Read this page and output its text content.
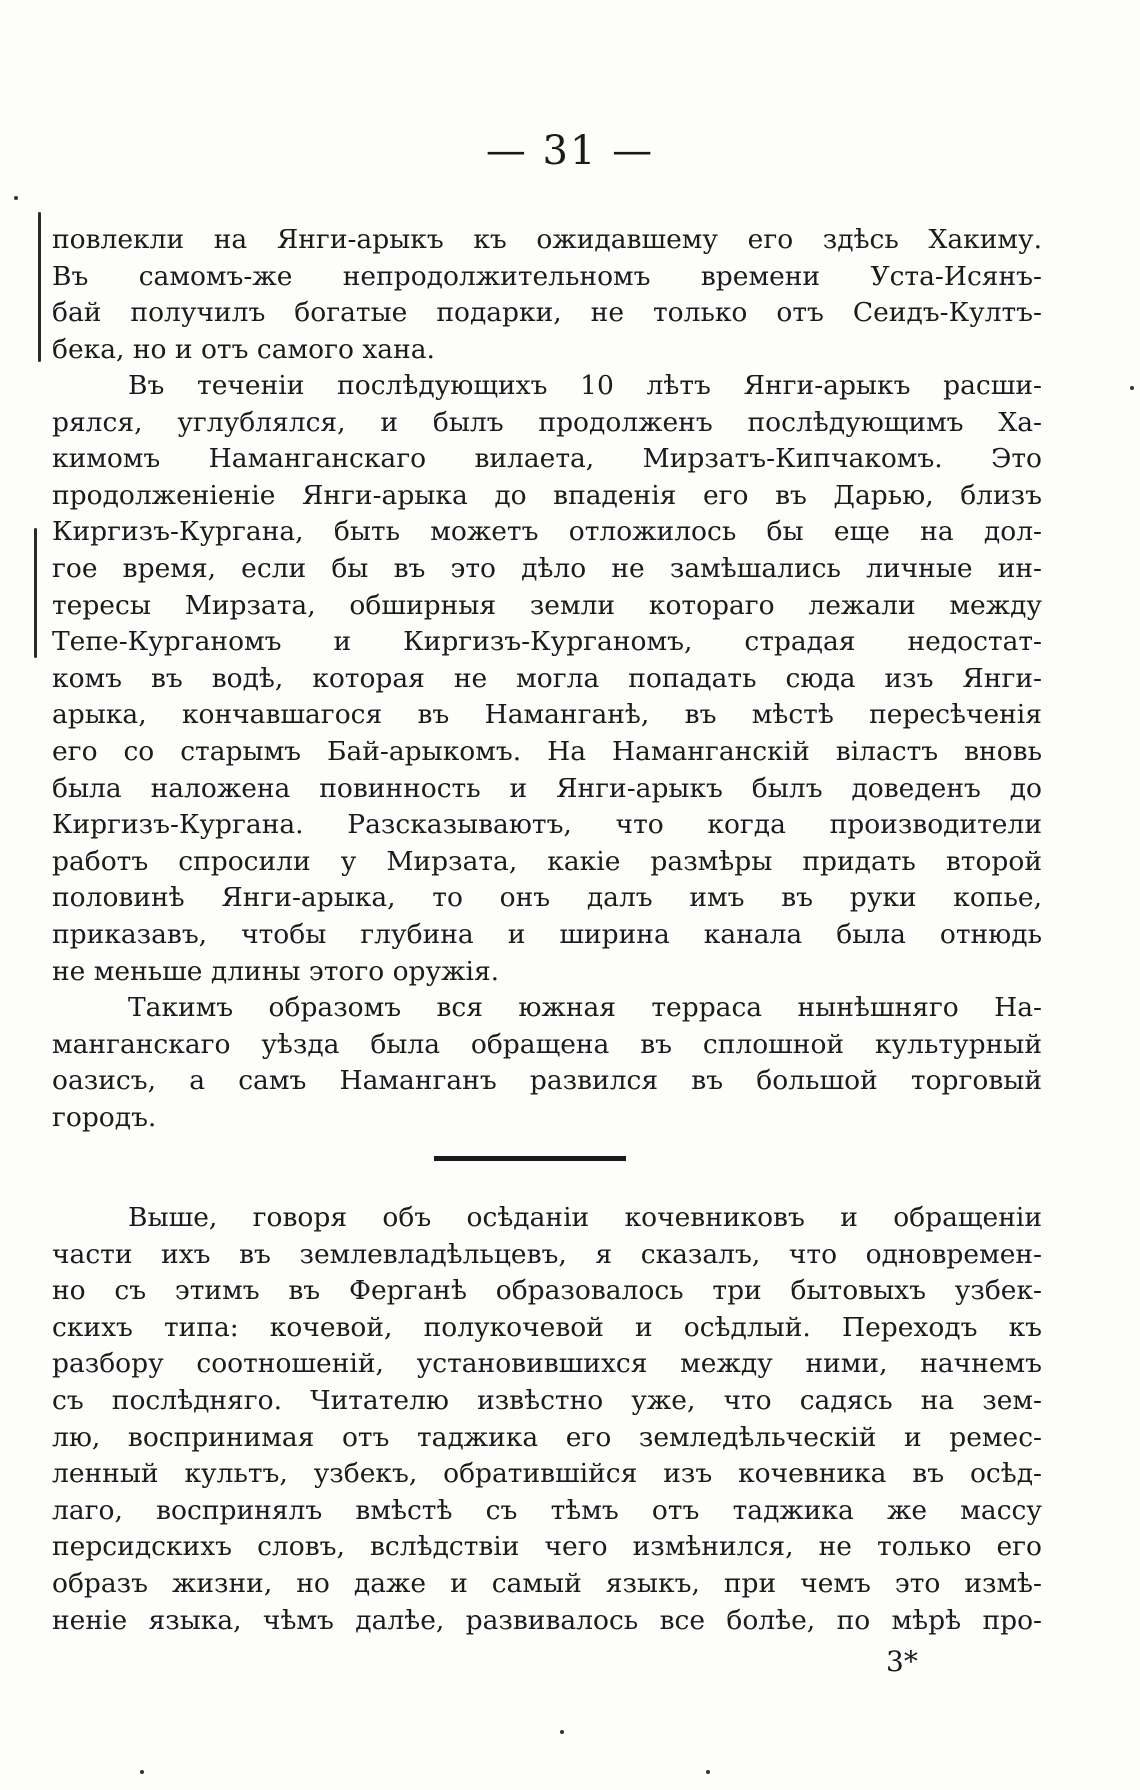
— 31 —
повлекли на Янги-арыкъ къ ожидавшему его здѣсь Хакиму.
Въ самомъ-же непродолжительномъ времени Уста-Исянъ-
бай получилъ богатые подарки, не только отъ Сеидъ-Култъ-
бека, но и отъ самого хана.
Въ теченіи послѣдующихъ 10 лѣтъ Янги-арыкъ расши-
рялся, углублялся, и былъ продолженъ послѣдующимъ Ха-
кимомъ Наманганскаго вилаета, Мирзатъ-Кипчакомъ. Это
продолженіеніе Янги-арыка до впаденія его въ Дарью, близъ
Киргизъ-Кургана, быть можетъ отложилось бы еще на дол-
гое время, если бы въ это дѣло не замѣшались личные ин-
тересы Мирзата, обширныя земли котораго лежали между
Тепе-Курганомъ и Киргизъ-Курганомъ, страдая недостат-
комъ въ водѣ, которая не могла попадать сюда изъ Янги-
арыка, кончавшагося въ Наманганѣ, въ мѣстѣ пересѣченія
его со старымъ Бай-арыкомъ. На Наманганскій вiластъ вновь
была наложена повинность и Янги-арыкъ былъ доведенъ до
Киргизъ-Кургана. Разсказываютъ, что когда производители
работъ спросили у Мирзата, какіе размѣры придать второй
половинѣ Янги-арыка, то онъ далъ имъ въ руки копье,
приказавъ, чтобы глубина и ширина канала была отнюдь
не меньше длины этого оружія.
Такимъ образомъ вся южная терраса нынѣшняго На-
манганскаго уѣзда была обращена въ сплошной культурный
оазисъ, а самъ Наманганъ развился въ большой торговый
городъ.
Выше, говоря объ осѣданіи кочевниковъ и обращеніи
части ихъ въ землевладѣльцевъ, я сказалъ, что одновремен-
но съ этимъ въ Ферганѣ образовалось три бытовыхъ узбек-
скихъ типа: кочевой, полукочевой и осѣдлый. Переходъ къ
разбору соотношеній, установившихся между ними, начнемъ
съ послѣдняго. Читателю извѣстно уже, что садясь на зем-
лю, воспринимая отъ таджика его земледѣльческій и ремес-
ленный культъ, узбекъ, обратившійся изъ кочевника въ осѣд-
лаго, воспринялъ вмѣстѣ съ тѣмъ отъ таджика же массу
персидскихъ словъ, вслѣдствіи чего измѣнился, не только его
образъ жизни, но даже и самый языкъ, при чемъ это измѣ-
неніе языка, чѣмъ далѣе, развивалось все болѣе, по мѣрѣ про-
3*
